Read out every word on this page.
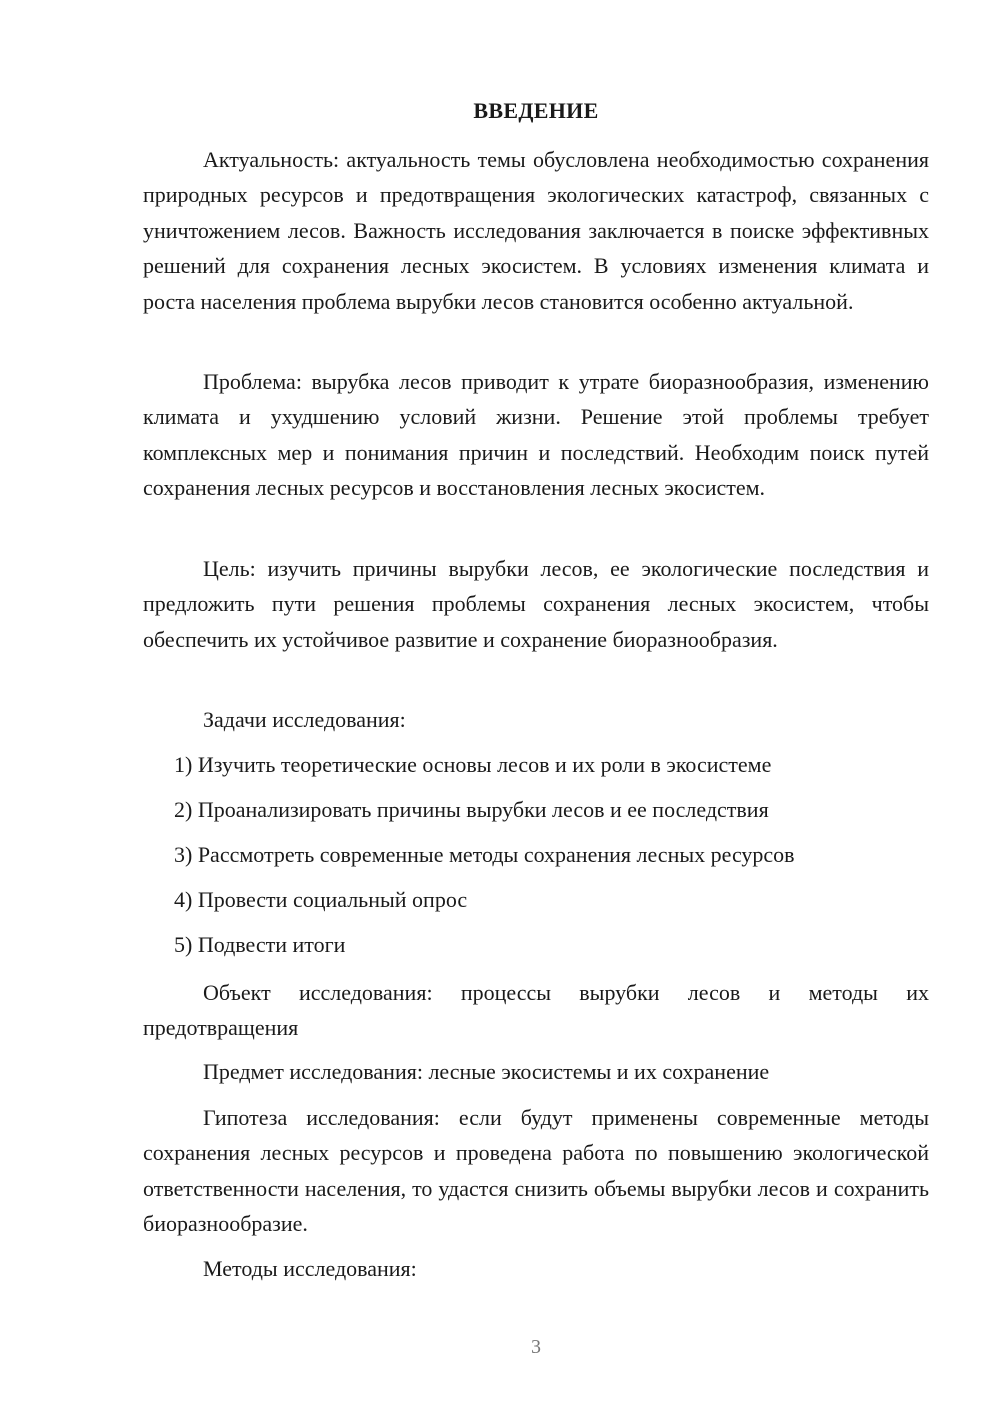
ВВЕДЕНИЕ

Актуальность: актуальность темы обусловлена необходимостью сохранения природных ресурсов и предотвращения экологических катастроф, связанных с уничтожением лесов. Важность исследования заключается в поиске эффективных решений для сохранения лесных экосистем. В условиях изменения климата и роста населения проблема вырубки лесов становится особенно актуальной.

Проблема: вырубка лесов приводит к утрате биоразнообразия, изменению климата и ухудшению условий жизни. Решение этой проблемы требует комплексных мер и понимания причин и последствий. Необходим поиск путей сохранения лесных ресурсов и восстановления лесных экосистем.

Цель: изучить причины вырубки лесов, ее экологические последствия и предложить пути решения проблемы сохранения лесных экосистем, чтобы обеспечить их устойчивое развитие и сохранение биоразнообразия.

Задачи исследования:

1) Изучить теоретические основы лесов и их роли в экосистеме

2) Проанализировать причины вырубки лесов и ее последствия

3) Рассмотреть современные методы сохранения лесных ресурсов

4) Провести социальный опрос

5) Подвести итоги

Объект исследования: процессы вырубки лесов и методы их предотвращения

Предмет исследования: лесные экосистемы и их сохранение

Гипотеза исследования: если будут применены современные методы сохранения лесных ресурсов и проведена работа по повышению экологической ответственности населения, то удастся снизить объемы вырубки лесов и сохранить биоразнообразие.

Методы исследования:

3
